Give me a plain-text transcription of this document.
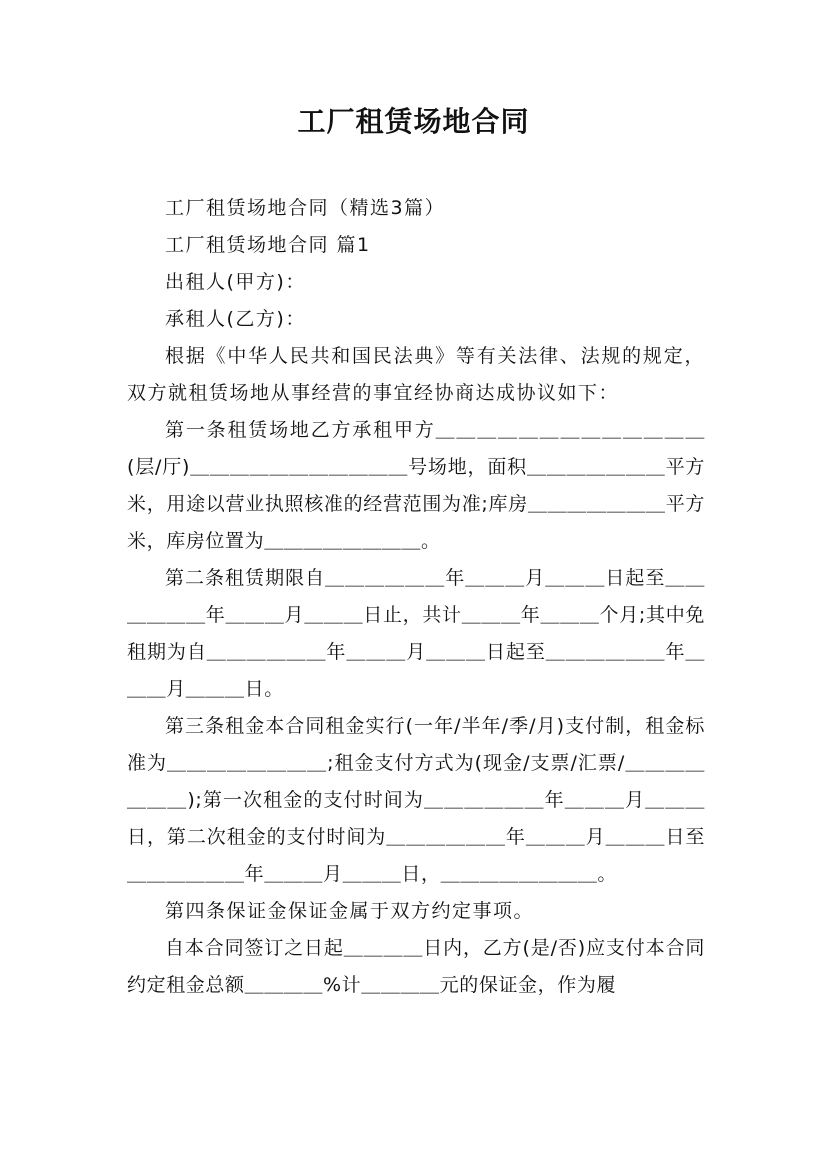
工厂租赁场地合同

工厂租赁场地合同（精选3篇）

工厂租赁场地合同 篇1

出租人(甲方)：

承租人(乙方)：

根据《中华人民共和国民法典》等有关法律、法规的规定，双方就租赁场地从事经营的事宜经协商达成协议如下：

第一条租赁场地乙方承租甲方＿＿＿＿＿＿＿＿＿＿＿＿＿(层/厅)＿＿＿＿＿＿＿＿＿＿＿号场地，面积＿＿＿＿＿＿＿平方米，用途以营业执照核准的经营范围为准;库房＿＿＿＿＿＿＿平方米，库房位置为＿＿＿＿＿＿＿＿。

第二条租赁期限自＿＿＿＿＿＿年＿＿＿月＿＿＿日起至＿＿＿＿＿＿年＿＿＿月＿＿＿日止，共计＿＿＿年＿＿＿个月;其中免租期为自＿＿＿＿＿＿年＿＿＿月＿＿＿日起至＿＿＿＿＿＿年＿＿＿月＿＿＿日。

第三条租金本合同租金实行(一年/半年/季/月)支付制，租金标准为＿＿＿＿＿＿＿＿;租金支付方式为(现金/支票/汇票/＿＿＿＿＿＿＿);第一次租金的支付时间为＿＿＿＿＿＿年＿＿＿月＿＿＿日，第二次租金的支付时间为＿＿＿＿＿＿年＿＿＿月＿＿＿日至＿＿＿＿＿＿年＿＿＿月＿＿＿日，＿＿＿＿＿＿＿＿。

第四条保证金保证金属于双方约定事项。

自本合同签订之日起＿＿＿＿日内，乙方(是/否)应支付本合同约定租金总额＿＿＿＿%计＿＿＿＿元的保证金，作为履
